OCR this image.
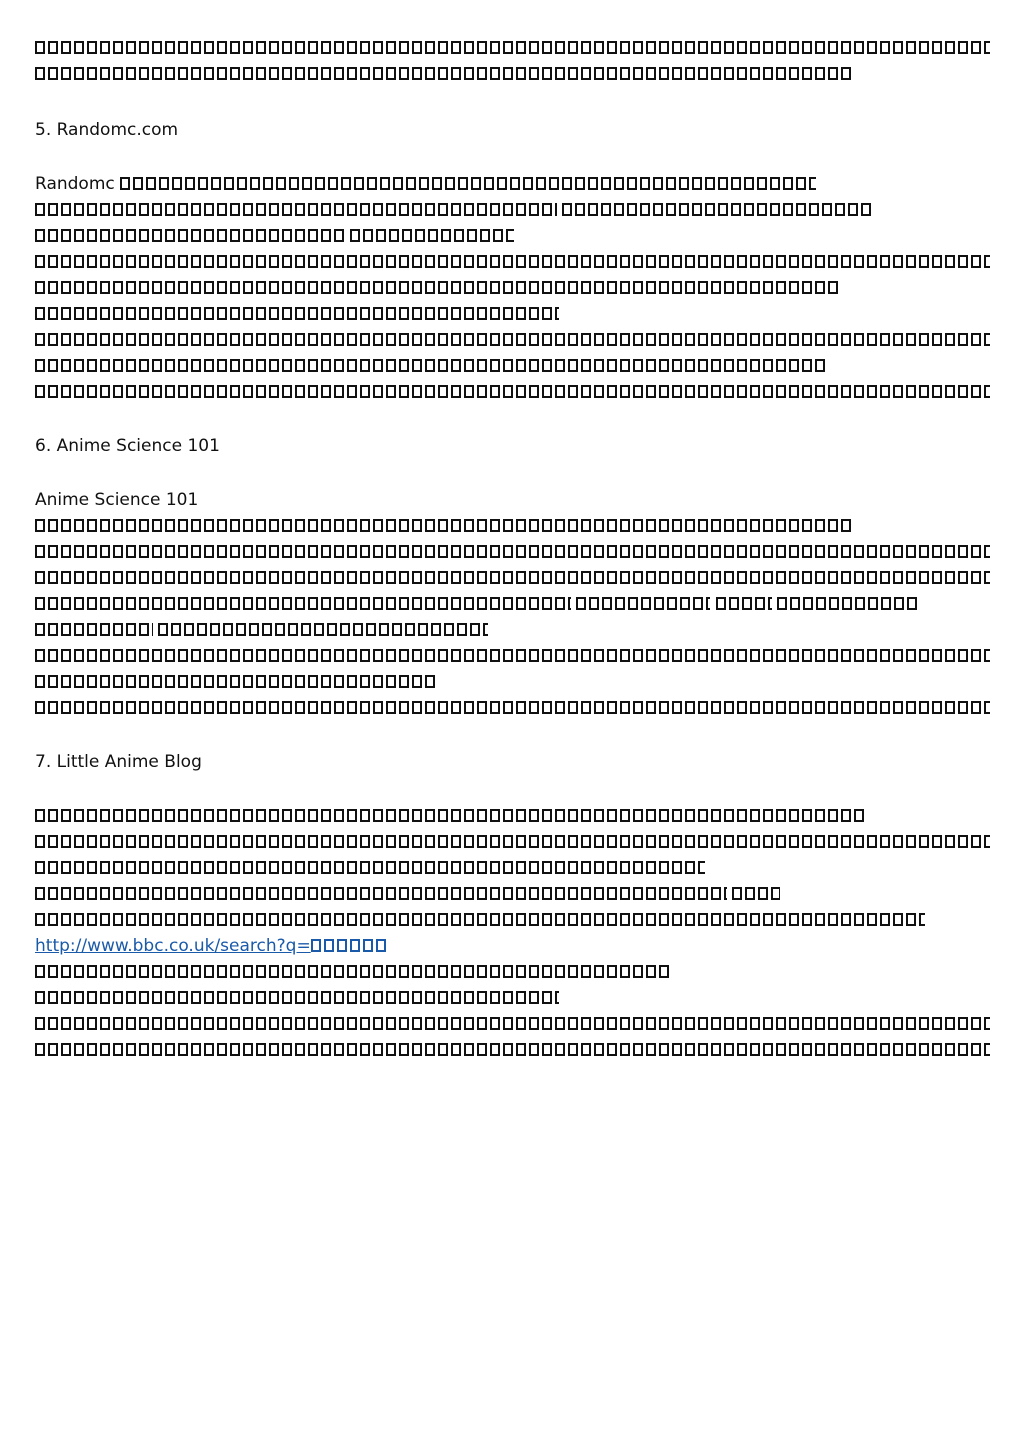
5. Randomc.com
Randomc

6. Anime Science 101
Anime Science 101

7. Little Anime Blog

http://www.bbc.co.uk/search?q=
